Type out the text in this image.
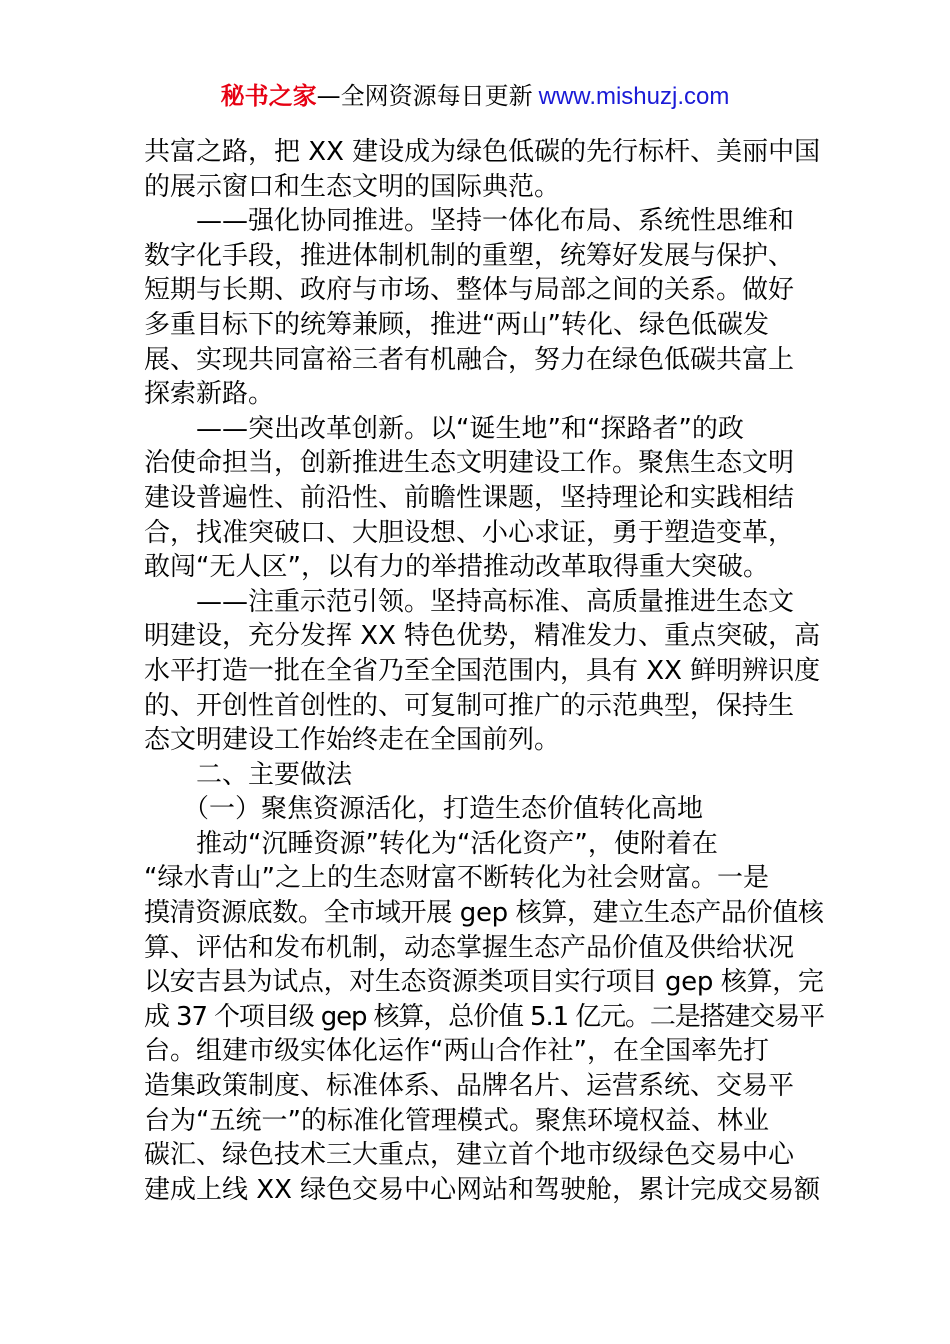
秘书之家—全网资源每日更新 www.mishuzj.com
共富之路，把 XX 建设成为绿色低碳的先行标杆、美丽中国
的展示窗口和生态文明的国际典范。
　　——强化协同推进。坚持一体化布局、系统性思维和
数字化手段，推进体制机制的重塑，统筹好发展与保护、
短期与长期、政府与市场、整体与局部之间的关系。做好
多重目标下的统筹兼顾，推进“两山”转化、绿色低碳发
展、实现共同富裕三者有机融合，努力在绿色低碳共富上
探索新路。
　　——突出改革创新。以“诞生地”和“探路者”的政
治使命担当，创新推进生态文明建设工作。聚焦生态文明
建设普遍性、前沿性、前瞻性课题，坚持理论和实践相结
合，找准突破口、大胆设想、小心求证，勇于塑造变革，
敢闯“无人区”，以有力的举措推动改革取得重大突破。
　　——注重示范引领。坚持高标准、高质量推进生态文
明建设，充分发挥 XX 特色优势，精准发力、重点突破，高
水平打造一批在全省乃至全国范围内，具有 XX 鲜明辨识度
的、开创性首创性的、可复制可推广的示范典型，保持生
态文明建设工作始终走在全国前列。
　　二、主要做法
　　（一）聚焦资源活化，打造生态价值转化高地
　　推动“沉睡资源”转化为“活化资产”，使附着在
“绿水青山”之上的生态财富不断转化为社会财富。一是
摸清资源底数。全市域开展 gep 核算，建立生态产品价值核
算、评估和发布机制，动态掌握生态产品价值及供给状况
以安吉县为试点，对生态资源类项目实行项目 gep 核算，完
成 37 个项目级 gep 核算，总价值 5.1 亿元。二是搭建交易平
台。组建市级实体化运作“两山合作社”，在全国率先打
造集政策制度、标准体系、品牌名片、运营系统、交易平
台为“五统一”的标准化管理模式。聚焦环境权益、林业
碳汇、绿色技术三大重点，建立首个地市级绿色交易中心
建成上线 XX 绿色交易中心网站和驾驶舱，累计完成交易额
